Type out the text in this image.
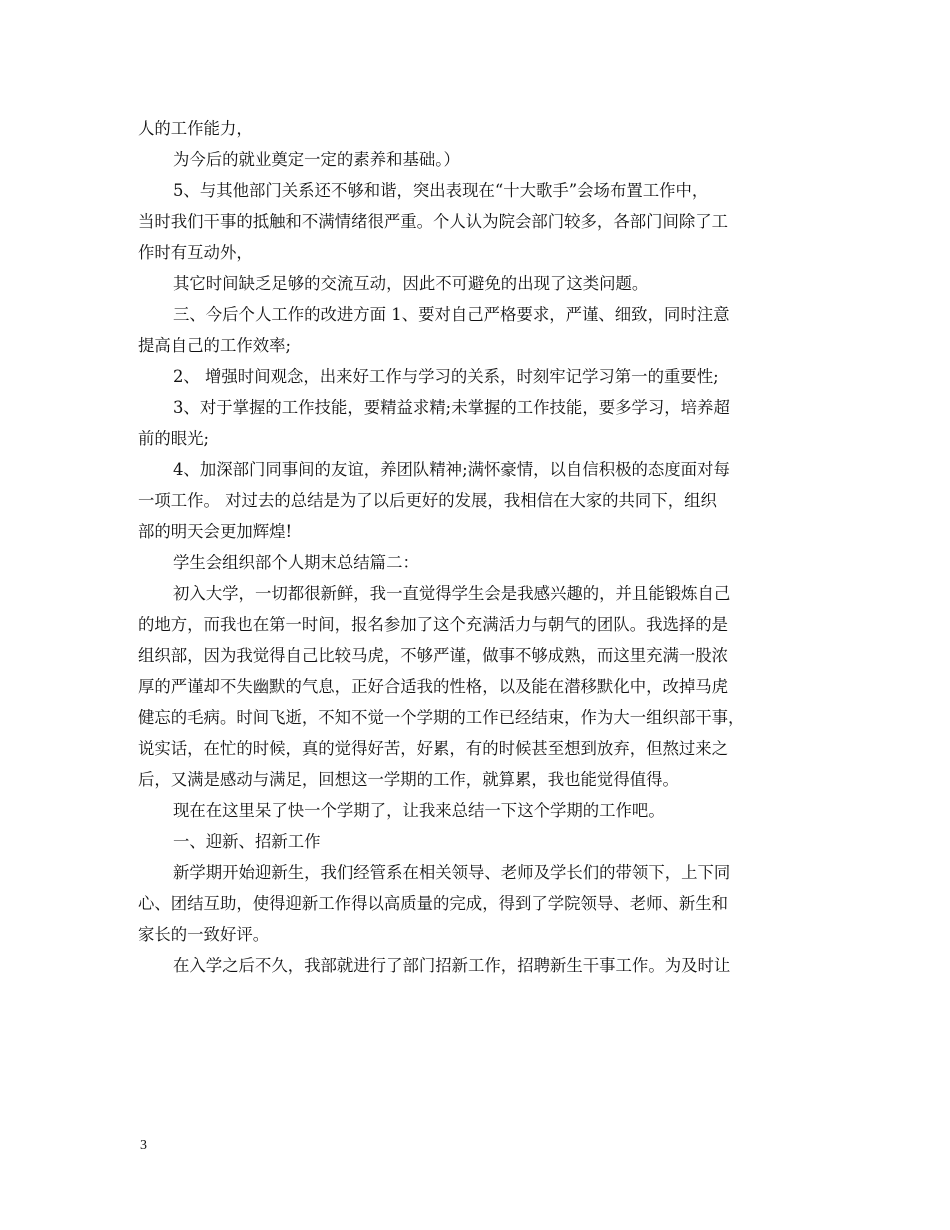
人的工作能力，

为今后的就业奠定一定的素养和基础。）

5、与其他部门关系还不够和谐，突出表现在“十大歌手”会场布置工作中，

当时我们干事的抵触和不满情绪很严重。个人认为院会部门较多，各部门间除了工

作时有互动外，

其它时间缺乏足够的交流互动，因此不可避免的出现了这类问题。

三、今后个人工作的改进方面 1、要对自己严格要求，严谨、细致，同时注意

提高自己的工作效率;

2、 增强时间观念，出来好工作与学习的关系，时刻牢记学习第一的重要性;

3、对于掌握的工作技能，要精益求精;未掌握的工作技能，要多学习，培养超

前的眼光;

4、加深部门同事间的友谊，养团队精神;满怀豪情，以自信积极的态度面对每

一项工作。 对过去的总结是为了以后更好的发展，我相信在大家的共同下，组织

部的明天会更加辉煌!

学生会组织部个人期末总结篇二：

初入大学，一切都很新鲜，我一直觉得学生会是我感兴趣的，并且能锻炼自己

的地方，而我也在第一时间，报名参加了这个充满活力与朝气的团队。我选择的是

组织部，因为我觉得自己比较马虎，不够严谨，做事不够成熟，而这里充满一股浓

厚的严谨却不失幽默的气息，正好合适我的性格，以及能在潜移默化中，改掉马虎

健忘的毛病。时间飞逝，不知不觉一个学期的工作已经结束，作为大一组织部干事，

说实话，在忙的时候，真的觉得好苦，好累，有的时候甚至想到放弃，但熬过来之

后，又满是感动与满足，回想这一学期的工作，就算累，我也能觉得值得。

现在在这里呆了快一个学期了，让我来总结一下这个学期的工作吧。

一、迎新、招新工作

新学期开始迎新生，我们经管系在相关领导、老师及学长们的带领下，上下同

心、团结互助，使得迎新工作得以高质量的完成，得到了学院领导、老师、新生和

家长的一致好评。

在入学之后不久，我部就进行了部门招新工作，招聘新生干事工作。为及时让

3
